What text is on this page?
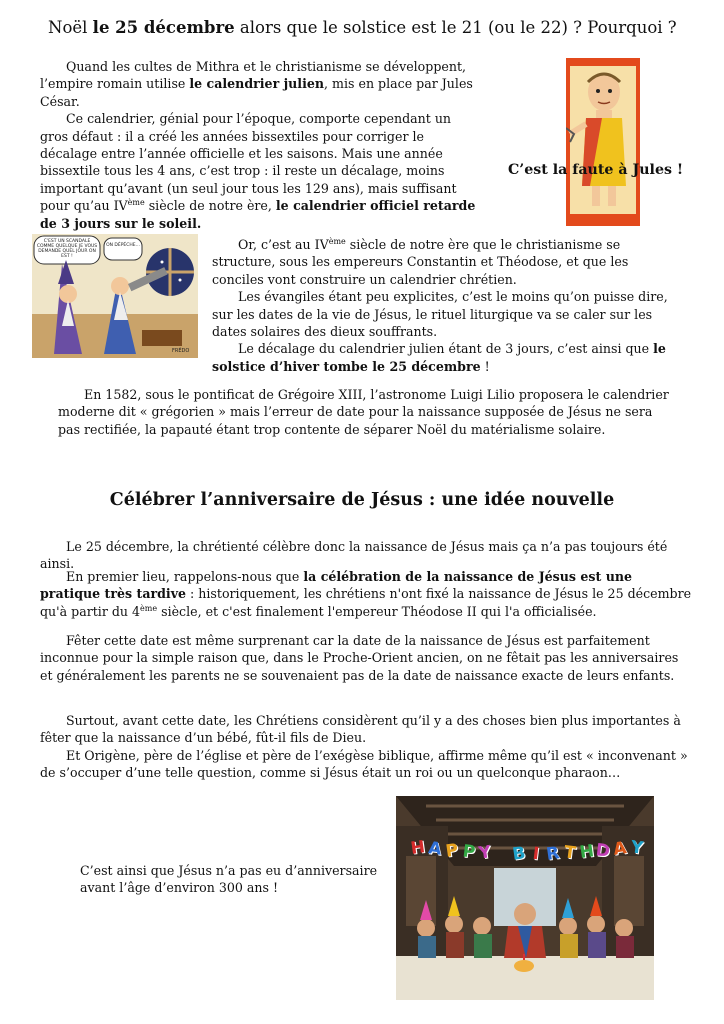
Noël le 25 décembre alors que le solstice est le 21 (ou le 22) ? Pourquoi ?

Quand les cultes de Mithra et le christianisme se développent, l’empire romain utilise le calendrier julien, mis en place par Jules César.

Ce calendrier, génial pour l’époque, comporte cependant un gros défaut : il a créé les années bissextiles pour corriger le décalage entre l’année officielle et les saisons. Mais une année bissextile tous les 4 ans, c’est trop : il reste un décalage, moins important qu’avant (un seul jour tous les 129 ans), mais suffisant pour qu’au IVème siècle de notre ère, le calendrier officiel retarde de 3 jours sur le soleil.

C’est la faute à Jules !
C'EST UN SCANDALE COMME QUELQUE JE VOUS DEMANDE QUEL JOUR ON EST !
ON DÉPÉCHE...
FRÉDO

Or, c’est au IVème siècle de notre ère que le christianisme se structure, sous les empereurs Constantin et Théodose, et que les conciles vont construire un calendrier chrétien.

Les évangiles étant peu explicites, c’est le moins qu’on puisse dire, sur les dates de la vie de Jésus, le rituel liturgique va se caler sur les dates solaires des dieux souffrants.

Le décalage du calendrier julien étant de 3 jours, c’est ainsi que le solstice d’hiver tombe le 25 décembre !

En 1582, sous le pontificat de Grégoire XIII, l’astronome Luigi Lilio proposera le calendrier moderne dit « grégorien » mais l’erreur de date pour la naissance supposée de Jésus ne sera pas rectifiée, la papauté étant trop contente de séparer Noël du matérialisme solaire.

Célébrer l’anniversaire de Jésus : une idée nouvelle

Le 25 décembre, la chrétienté célèbre donc la naissance de Jésus mais ça n’a pas toujours été ainsi.

En premier lieu, rappelons-nous que la célébration de la naissance de Jésus est une pratique très tardive : historiquement, les chrétiens n'ont fixé la naissance de Jésus le 25 décembre qu'à partir du 4ème siècle, et c'est finalement l'empereur Théodose II qui l'a officialisée.

Fêter cette date est même surprenant car la date de la naissance de Jésus est parfaitement inconnue pour la simple raison que, dans le Proche-Orient ancien, on ne fêtait pas les anniversaires et généralement les parents ne se souvenaient pas de la date de naissance exacte de leurs enfants.

Surtout, avant cette date, les Chrétiens considèrent qu’il y a des choses bien plus importantes à fêter que la naissance d’un bébé, fût-il fils de Dieu.

Et Origène, père de l’église et père de l’exégèse biblique, affirme même qu’il est « inconvenant » de s’occuper d’une telle question, comme si Jésus était un roi ou un quelconque pharaon…

C’est ainsi que Jésus n’a pas eu d’anniversaire avant l’âge d’environ 300 ans !
H A P P Y B I R T H D A Y
